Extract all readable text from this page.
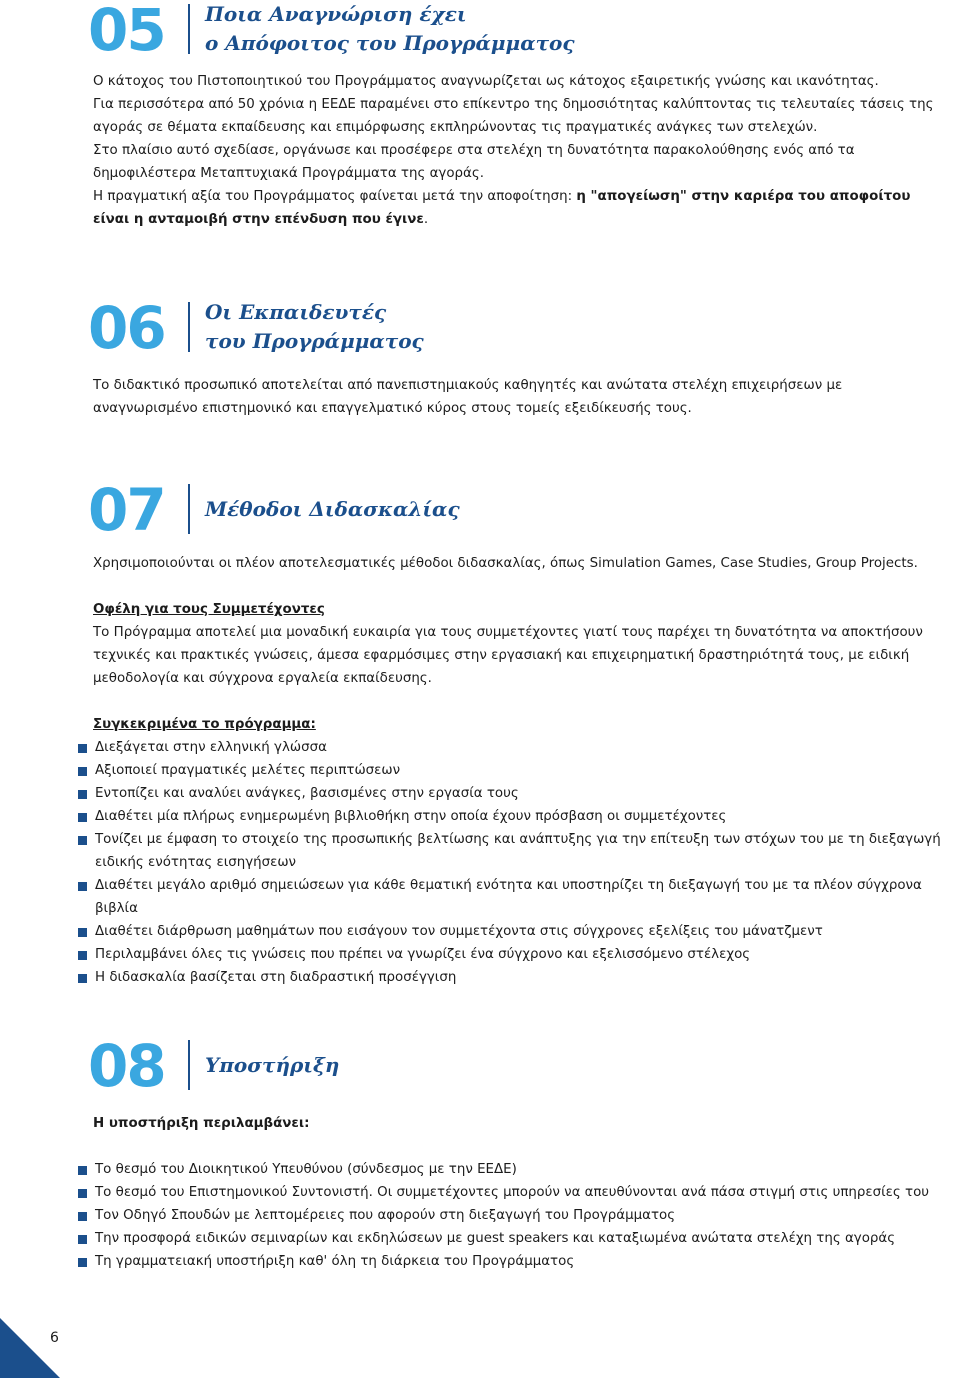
05 Ποια Αναγνώριση έχει
ο Απόφοιτος του Προγράμματος

Ο κάτοχος του Πιστοποιητικού του Προγράμματος αναγνωρίζεται ως κάτοχος εξαιρετικής γνώσης και ικανότητας.

Για περισσότερα από 50 χρόνια η ΕΕΔΕ παραμένει στο επίκεντρο της δημοσιότητας καλύπτοντας τις τελευταίες τάσεις της αγοράς σε θέματα εκπαίδευσης και επιμόρφωσης εκπληρώνοντας τις πραγματικές ανάγκες των στελεχών.

Στο πλαίσιο αυτό σχεδίασε, οργάνωσε και προσέφερε στα στελέχη τη δυνατότητα παρακολούθησης ενός από τα δημοφιλέστερα Μεταπτυχιακά Προγράμματα της αγοράς.

Η πραγματική αξία του Προγράμματος φαίνεται μετά την αποφοίτηση: η "απογείωση" στην καριέρα του αποφοίτου είναι η ανταμοιβή στην επένδυση που έγινε.

06 Οι Εκπαιδευτές
του Προγράμματος

Το διδακτικό προσωπικό αποτελείται από πανεπιστημιακούς καθηγητές και ανώτατα στελέχη επιχειρήσεων με αναγνωρισμένο επιστημονικό και επαγγελματικό κύρος στους τομείς εξειδίκευσής τους.

07 Μέθοδοι Διδασκαλίας

Χρησιμοποιούνται οι πλέον αποτελεσματικές μέθοδοι διδασκαλίας, όπως Simulation Games, Case Studies, Group Projects.

Οφέλη για τους Συμμετέχοντες

Το Πρόγραμμα αποτελεί μια μοναδική ευκαιρία για τους συμμετέχοντες γιατί τους παρέχει τη δυνατότητα να αποκτήσουν τεχνικές και πρακτικές γνώσεις, άμεσα εφαρμόσιμες στην εργασιακή και επιχειρηματική δραστηριότητά τους, με ειδική μεθοδολογία και σύγχρονα εργαλεία εκπαίδευσης.

Συγκεκριμένα το πρόγραμμα:

Διεξάγεται στην ελληνική γλώσσα
Αξιοποιεί πραγματικές μελέτες περιπτώσεων
Εντοπίζει και αναλύει ανάγκες, βασισμένες στην εργασία τους
Διαθέτει μία πλήρως ενημερωμένη βιβλιοθήκη στην οποία έχουν πρόσβαση οι συμμετέχοντες
Τονίζει με έμφαση το στοιχείο της προσωπικής βελτίωσης και ανάπτυξης για την επίτευξη των στόχων του με τη διεξαγωγή ειδικής ενότητας εισηγήσεων
Διαθέτει μεγάλο αριθμό σημειώσεων για κάθε θεματική ενότητα και υποστηρίζει τη διεξαγωγή του με τα πλέον σύγχρονα βιβλία
Διαθέτει διάρθρωση μαθημάτων που εισάγουν τον συμμετέχοντα στις σύγχρονες εξελίξεις του μάνατζμεντ
Περιλαμβάνει όλες τις γνώσεις που πρέπει να γνωρίζει ένα σύγχρονο και εξελισσόμενο στέλεχος
Η διδασκαλία βασίζεται στη διαδραστική προσέγγιση
08 Υποστήριξη

Η υποστήριξη περιλαμβάνει:

Το θεσμό του Διοικητικού Υπευθύνου (σύνδεσμος με την ΕΕΔΕ)
Το θεσμό του Επιστημονικού Συντονιστή. Οι συμμετέχοντες μπορούν να απευθύνονται ανά πάσα στιγμή στις υπηρεσίες του
Τον Οδηγό Σπουδών με λεπτομέρειες που αφορούν στη διεξαγωγή του Προγράμματος
Την προσφορά ειδικών σεμιναρίων και εκδηλώσεων με guest speakers και καταξιωμένα ανώτατα στελέχη της αγοράς
Τη γραμματειακή υποστήριξη καθ' όλη τη διάρκεια του Προγράμματος
6
